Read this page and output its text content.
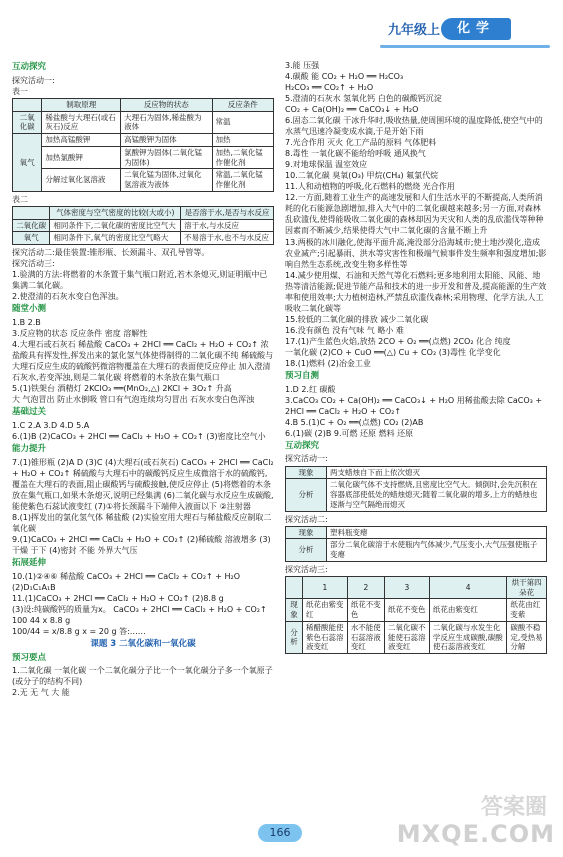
九年级上	化学
互动探究

探究活动一:

表一

	制取原理	反应物的状态	反应条件
二氧化碳	稀盐酸与大理石(或石灰石)反应	大理石为固体,稀盐酸为液体	常温
氧气	加热高锰酸钾	高锰酸钾为固体	加热
	加热氯酸钾	氯酸钾为固体(二氧化锰为固体)	加热,二氧化锰作催化剂
	分解过氧化氢溶液	二氧化锰为固体,过氧化氢溶液为液体	常温,二氧化锰作催化剂

表二

	气体密度与空气密度的比较(大或小)	是否溶于水,是否与水反应
二氧化碳	相同条件下,二氧化碳的密度比空气大	溶于水,与水反应
氧气	相同条件下,氧气的密度比空气略大	不易溶于水,也不与水反应

探究活动二:最佳装置:锥形瓶、长颈漏斗、双孔导管等。

探究活动三:

1.验满的方法:将燃着的木条置于集气瓶口附近,若木条熄灭,则证明瓶中已集满二氧化碳。

2.使澄清的石灰水变白色浑浊。

随堂小测

1.B 2.B

3.反应物的状态 反应条件 密度 溶解性

4.大理石或石灰石 稀盐酸 CaCO₃ + 2HCl ══ CaCl₂ + H₂O + CO₂↑ 浓盐酸具有挥发性,挥发出来的氯化氢气体使得制得的二氧化碳不纯 稀硫酸与大理石反应生成的硫酸钙微溶物覆盖在大理石的表面使反应停止 加入澄清石灰水,若变浑浊,则是二氧化碳 将燃着的木条放在集气瓶口

5.(1)铁架台 酒精灯 2KClO₃ ══(MnO₂,△) 2KCl + 3O₂↑ 升高

大 气泡冒出 防止水倒吸 管口有气泡连续均匀冒出 石灰水变白色浑浊

基础过关

1.C 2.A 3.D 4.D 5.A

6.(1)B (2)CaCO₃ + 2HCl ══ CaCl₂ + H₂O + CO₂↑ (3)密度比空气小

能力提升

7.(1)锥形瓶 (2)A D (3)C (4)大理石(或石灰石) CaCO₃ + 2HCl ══ CaCl₂ + H₂O + CO₂↑ 稀硫酸与大理石中的碳酸钙反应生成微溶于水的硫酸钙,覆盖在大理石的表面,阻止碳酸钙与硫酸接触,使反应停止 (5)将燃着的木条放在集气瓶口,如果木条熄灭,说明已经集满 (6)二氧化碳与水反应生成碳酸,能使紫色石蕊试液变红 (7)①将长颈漏斗下端伸入液面以下 ②注射器

8.(1)挥发出的氯化氢气体 稀盐酸 (2)实验室用大理石与稀盐酸反应制取二氧化碳

9.(1)CaCO₃ + 2HCl ══ CaCl₂ + H₂O + CO₂↑ (2)稀硫酸 溶液增多 (3)干燥 于下 (4)密封 不能 外界大气压

拓展延伸

10.(1)②④⑥ 稀盐酸 CaCO₃ + 2HCl ══ CaCl₂ + CO₂↑ + H₂O

(2)D₁C₁A₁B

11.(1)CaCO₃ + 2HCl ══ CaCl₂ + H₂O + CO₂↑ (2)8.8 g

(3)设:纯碳酸钙的质量为x。 CaCO₃ + 2HCl ══ CaCl₂ + H₂O + CO₂↑ 100 44 x 8.8 g

100/44 = x/8.8 g x = 20 g 答:……

课题 3 二氧化碳和一氧化碳
预习要点

1.二氧化碳 一氧化碳 一个二氧化碳分子比一个一氧化碳分子多一个氧原子(或分子的结构不同)

2.无 无 气 大 能

3.能 压强

4.碳酸 能 CO₂ + H₂O ══ H₂CO₃

H₂CO₃ ══ CO₂↑ + H₂O

5.澄清的石灰水 氢氧化钙 白色的碳酸钙沉淀

CO₂ + Ca(OH)₂ ══ CaCO₃↓ + H₂O

6.固态二氧化碳 干冰升华时,吸收热量,使周围环境的温度降低,使空气中的水蒸气迅速冷凝变成水滴,于是开始下雨

7.光合作用 灭火 化工产品的原料 气体肥料

8.毒性 一氧化碳不能给给呼吸 通风换气

9.对地球保温 温室效应

10.二氧化碳 臭氧(O₃) 甲烷(CH₄) 氟氯代烷

11.人和动植物的呼吸,化石燃料的燃烧 光合作用

12.一方面,随着工业生产的高速发展和人们生活水平的不断提高,人类所消耗的化石能源急剧增加,排入大气中的二氧化碳越来越多;另一方面,对森林乱砍滥伐,使得能吸收二氧化碳的森林却因为天灾和人类的乱砍滥伐等种种因素而不断减少,结果使得大气中二氧化碳的含量不断上升

13.两极的冰川融化,使海平面升高,淹没部分沿海城市;使土地沙漠化,造成农业减产;引起暴雨、洪水等灾害性和极端气候事件发生频率和强度增加;影响自然生态系统,改变生物多样性等

14.减少使用煤、石油和天然气等化石燃料;更多地利用太阳能、风能、地热等清洁能源;促进节能产品和技术的进一步开发和普及,提高能源的生产效率和使用效率;大力植树造林,严禁乱砍滥伐森林;采用物理、化学方法,人工吸收二氧化碳等

15.较低的二氧化碳的排放 减少二氧化碳

16.没有颜色 没有气味 气 略小 难

17.(1)产生蓝色火焰,放热 2CO + O₂ ══(点燃) 2CO₂ 化合 纯度

一氧化碳 (2)CO + CuO ══(△) Cu + CO₂ (3)毒性 化学变化

18.(1)燃料 (2)冶金工业

预习自测

1.D 2.红 碳酸

3.CaCO₃ CO₂ + Ca(OH)₂ ══ CaCO₃↓ + H₂O 用稀盐酸去除 CaCO₃ + 2HCl ══ CaCl₂ + H₂O + CO₂↑

4.B 5.(1)C + O₂ ══(点燃) CO₂ (2)AB

6.(1)碳 (2)B 9.可燃 还原 燃料 还原

互动探究

探究活动一:

现象	两支蜡烛自下而上依次熄灭
分析	二氧化碳气体不支持燃烧,且密度比空气大。倾倒时,会先沉积在容器底部使低处的蜡烛熄灭;随着二氧化碳的增多,上方的蜡烛也逐渐与空气隔绝而熄灭

探究活动二:

现象	塑料瓶变瘪
分析	部分二氧化碳溶于水使瓶内气体减少,气压变小,大气压强使瓶子变瘪

探究活动三:

	1	2	3	4	烘干第四朵花
现象	纸花由紫变红	纸花不变色	纸花不变色	纸花由紫变红	纸花由红变紫
分析	稀醋酸能使紫色石蕊溶液变红	水不能使石蕊溶液变红	二氧化碳不能使石蕊溶液变红	二氧化碳与水发生化学反应生成碳酸,碳酸使石蕊溶液变红	碳酸不稳定,受热易分解
166
答案圈
MXQE.COM
